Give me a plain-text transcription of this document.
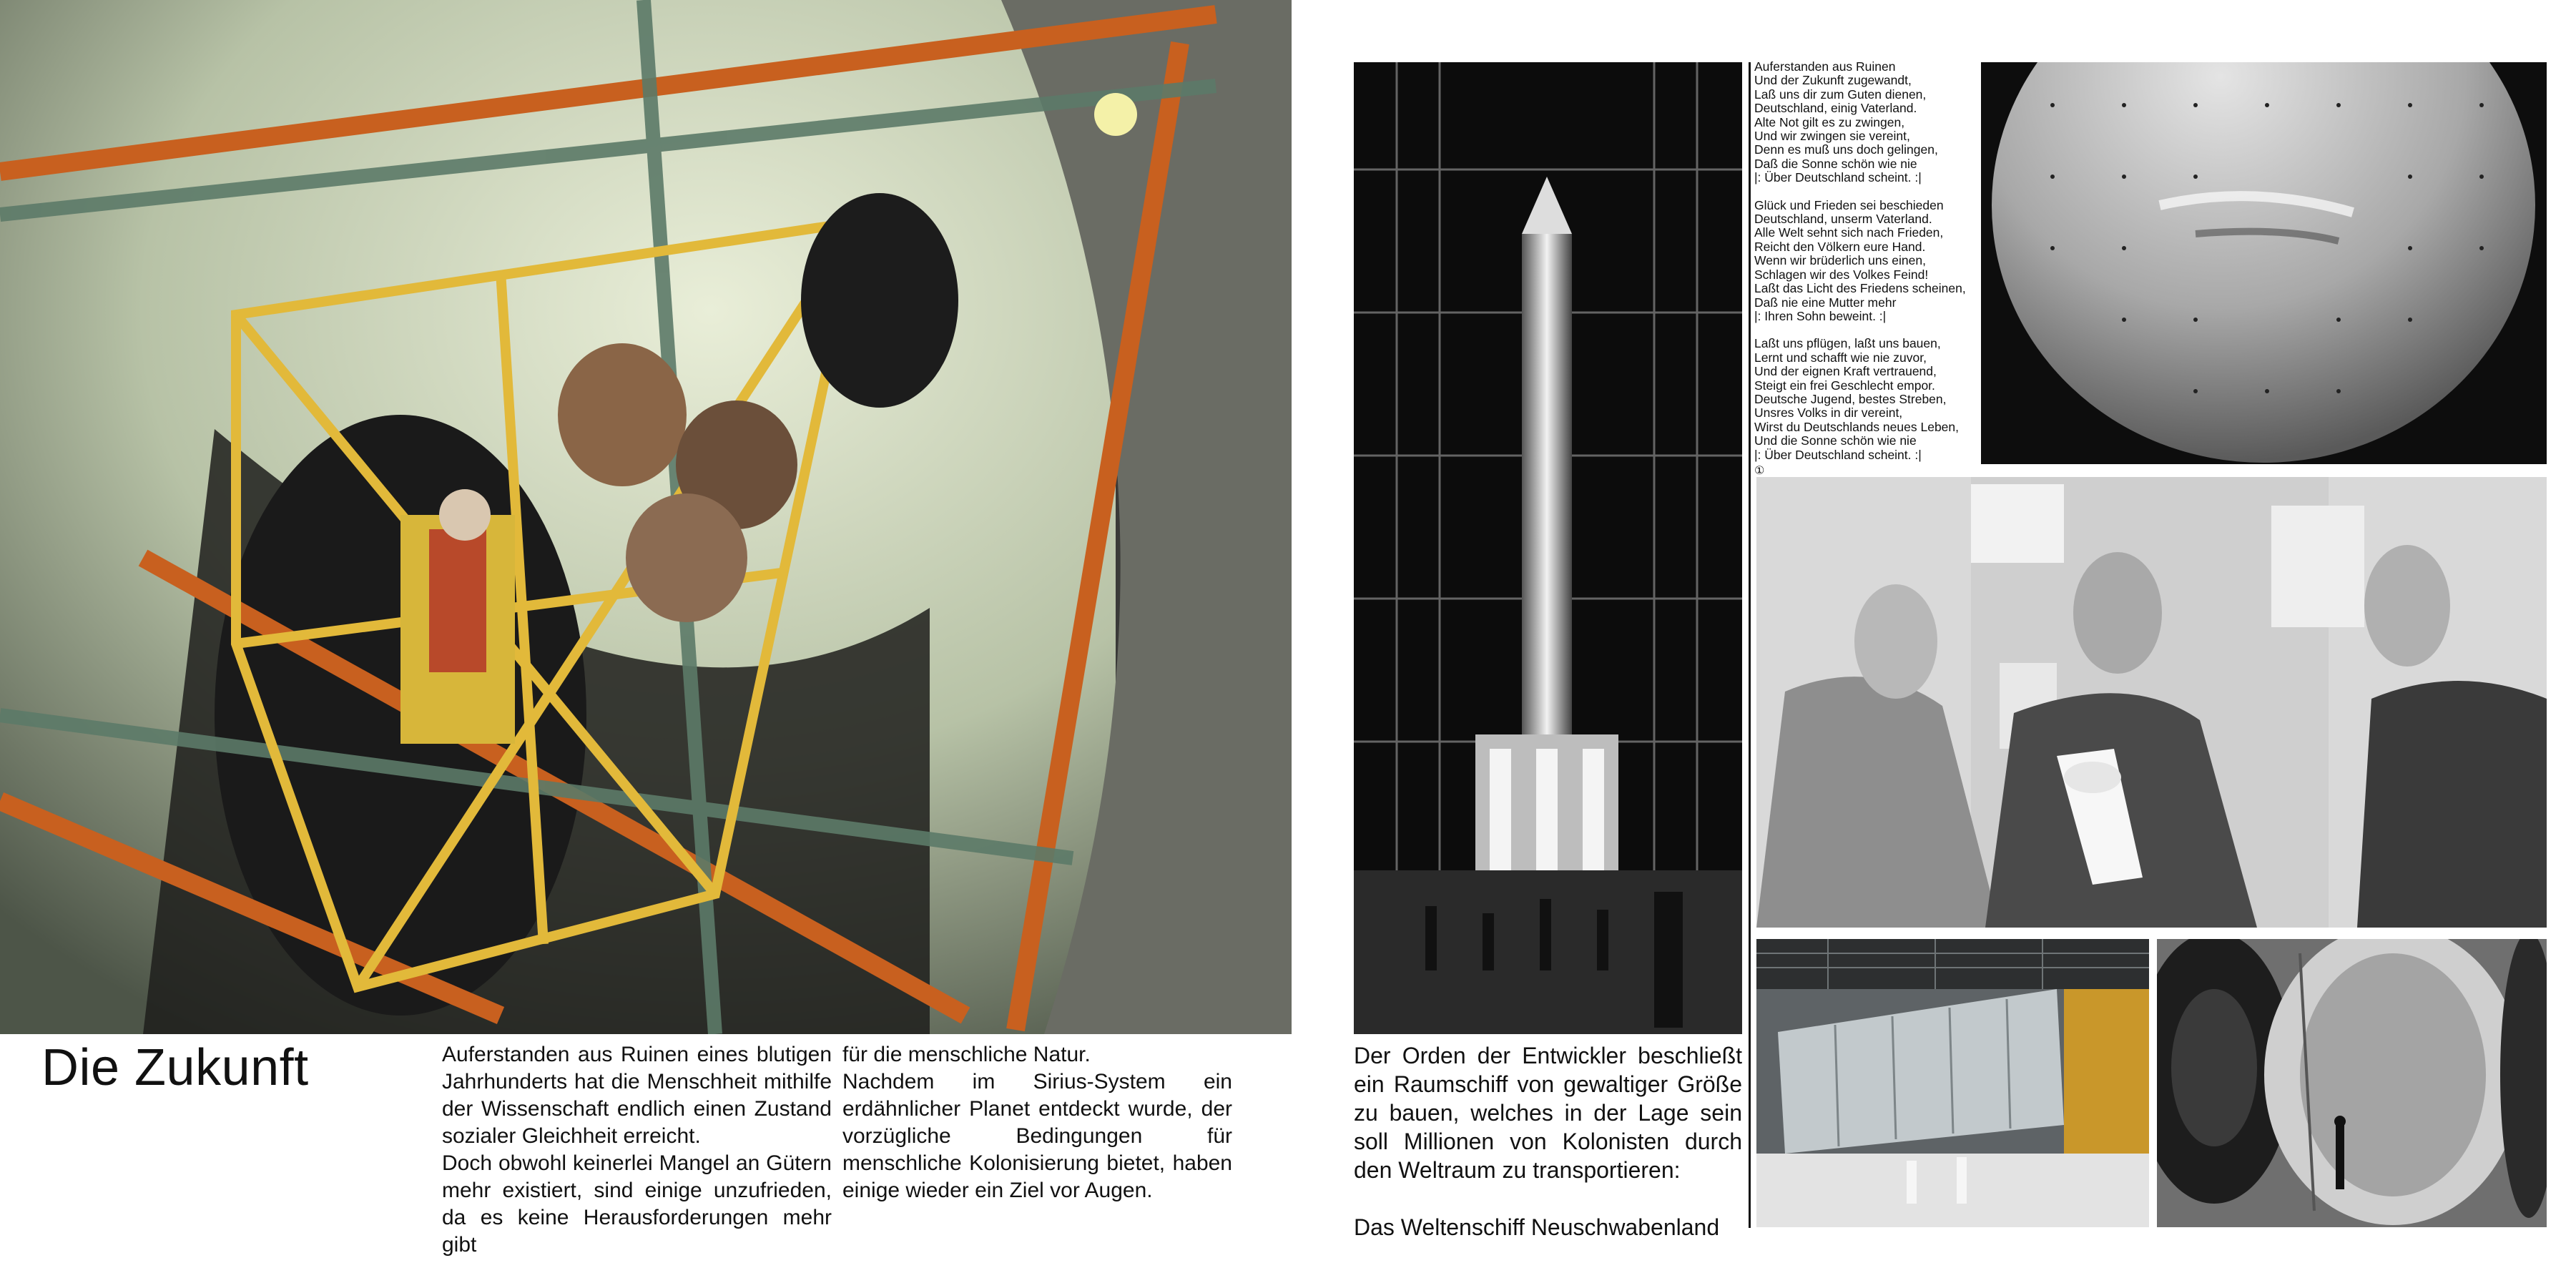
Die Zukunft	Auferstanden aus Ruinen eines blutigen Jahrhunderts hat die Menschheit mithilfe der Wissenschaft endlich einen Zustand sozialer Gleichheit erreicht.

Doch obwohl keinerlei Mangel an Gütern mehr existiert, sind einige unzufrieden, da es keine Herausforderungen mehr gibt

für die menschliche Natur.

Nachdem im Sirius-System ein erdähnlicher Planet entdeckt wurde, der vorzügliche Bedingungen für menschliche Kolonisierung bietet, haben einige wieder ein Ziel vor Augen.

Auferstanden aus Ruinen
Und der Zukunft zugewandt,
Laß uns dir zum Guten dienen,
Deutschland, einig Vaterland.
Alte Not gilt es zu zwingen,
Und wir zwingen sie vereint,
Denn es muß uns doch gelingen,
Daß die Sonne schön wie nie
|: Über Deutschland scheint. :|
Glück und Frieden sei beschieden
Deutschland, unserm Vaterland.
Alle Welt sehnt sich nach Frieden,
Reicht den Völkern eure Hand.
Wenn wir brüderlich uns einen,
Schlagen wir des Volkes Feind!
Laßt das Licht des Friedens scheinen,
Daß nie eine Mutter mehr
|: Ihren Sohn beweint. :|
Laßt uns pflügen, laßt uns bauen,
Lernt und schafft wie nie zuvor,
Und der eignen Kraft vertrauend,
Steigt ein frei Geschlecht empor.
Deutsche Jugend, bestes Streben,
Unsres Volks in dir vereint,
Wirst du Deutschlands neues Leben,
Und die Sonne schön wie nie
|: Über Deutschland scheint. :|
①

Der Orden der Entwickler beschließt ein Raumschiff von gewaltiger Größe zu bauen, welches in der Lage sein soll Millionen von Kolonisten durch den Weltraum zu transportieren:

Das Weltenschiff Neuschwabenland
